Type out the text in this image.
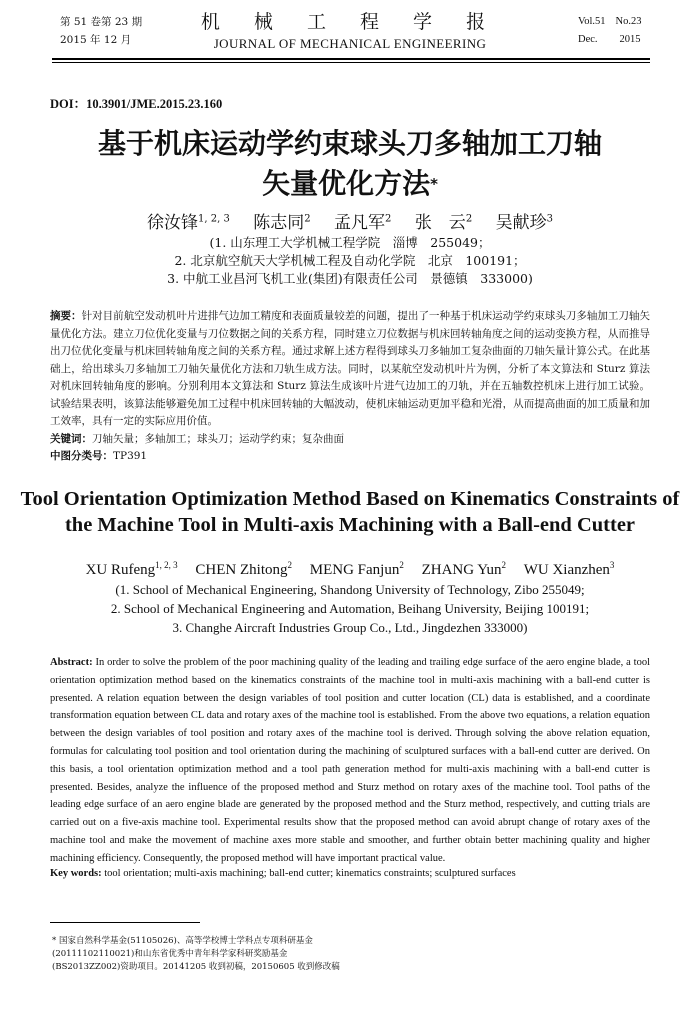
第 51 卷第 23 期
2015 年 12 月
机 械 工 程 学 报
JOURNAL OF MECHANICAL ENGINEERING
Vol.51 No.23
Dec. 2015
DOI：10.3901/JME.2015.23.160
基于机床运动学约束球头刀多轴加工刀轴
矢量优化方法*
徐汝锋$^{1, 2, 3}$ 陈志同$^2$ 孟凡军$^2$ 张　云$^2$ 吴献珍$^3$
(1. 山东理工大学机械工程学院　淄博　255049；
2. 北京航空航天大学机械工程及自动化学院　北京　100191；
3. 中航工业昌河飞机工业(集团)有限责任公司　景德镇　333000)
摘要：针对目前航空发动机叶片进排气边加工精度和表面质量较差的问题，提出了一种基于机床运动学约束球头刀多轴加工刀轴矢量优化方法。建立刀位优化变量与刀位数据之间的关系方程，同时建立刀位数据与机床回转轴角度之间的运动变换方程，从而推导出刀位优化变量与机床回转轴角度之间的关系方程。通过求解上述方程得到球头刀多轴加工复杂曲面的刀轴矢量计算公式。在此基础上，给出球头刀多轴加工刀轴矢量优化方法和刀轨生成方法。同时，以某航空发动机叶片为例，分析了本文算法和 Sturz 算法对机床回转轴角度的影响。分别利用本文算法和 Sturz 算法生成该叶片进气边加工的刀轨，并在五轴数控机床上进行加工试验。试验结果表明，该算法能够避免加工过程中机床回转轴的大幅波动，使机床轴运动更加平稳和光滑，从而提高曲面的加工质量和加工效率，具有一定的实际应用价值。
关键词：刀轴矢量；多轴加工；球头刀；运动学约束；复杂曲面
中图分类号：TP391
Tool Orientation Optimization Method Based on Kinematics Constraints of
the Machine Tool in Multi-axis Machining with a Ball-end Cutter
XU Rufeng$^{1, 2, 3}$ CHEN Zhitong$^2$ MENG Fanjun$^2$ ZHANG Yun$^2$ WU Xianzhen$^3$
(1. School of Mechanical Engineering, Shandong University of Technology, Zibo 255049;
2. School of Mechanical Engineering and Automation, Beihang University, Beijing 100191;
3. Changhe Aircraft Industries Group Co., Ltd., Jingdezhen 333000)
Abstract: In order to solve the problem of the poor machining quality of the leading and trailing edge surface of the aero engine blade, a tool orientation optimization method based on the kinematics constraints of the machine tool in multi-axis machining with a ball-end cutter is presented. A relation equation between the design variables of tool position and cutter location (CL) data is established, and a coordinate transformation equation between CL data and rotary axes of the machine tool is established. From the above two equations, a relation equation between the design variables of tool position and rotary axes of the machine tool is derived. Through solving the above relation equation, formulas for calculating tool position and tool orientation during the machining of sculptured surfaces with a ball-end cutter are derived. On this basis, a tool orientation optimization method and a tool path generation method for multi-axis machining with a ball-end cutter is presented. Besides, analyze the influence of the proposed method and Sturz method on rotary axes of the machine tool. Tool paths of the leading edge surface of an aero engine blade are generated by the proposed method and the Sturz method, respectively, and cutting trials are carried out on a five-axis machine tool. Experimental results show that the proposed method can avoid abrupt change of rotary axes of the machine tool and make the movement of machine axes more stable and smoother, and further obtain better machining quality and higher machining efficiency. Consequently, the proposed method will have important practical value.
Key words: tool orientation; multi-axis machining; ball-end cutter; kinematics constraints; sculptured surfaces
* 国家自然科学基金(51105026)、高等学校博士学科点专项科研基金
(20111102110021)和山东省优秀中青年科学家科研奖励基金
(BS2013ZZ002)资助项目。20141205 收到初稿，20150605 收到修改稿
